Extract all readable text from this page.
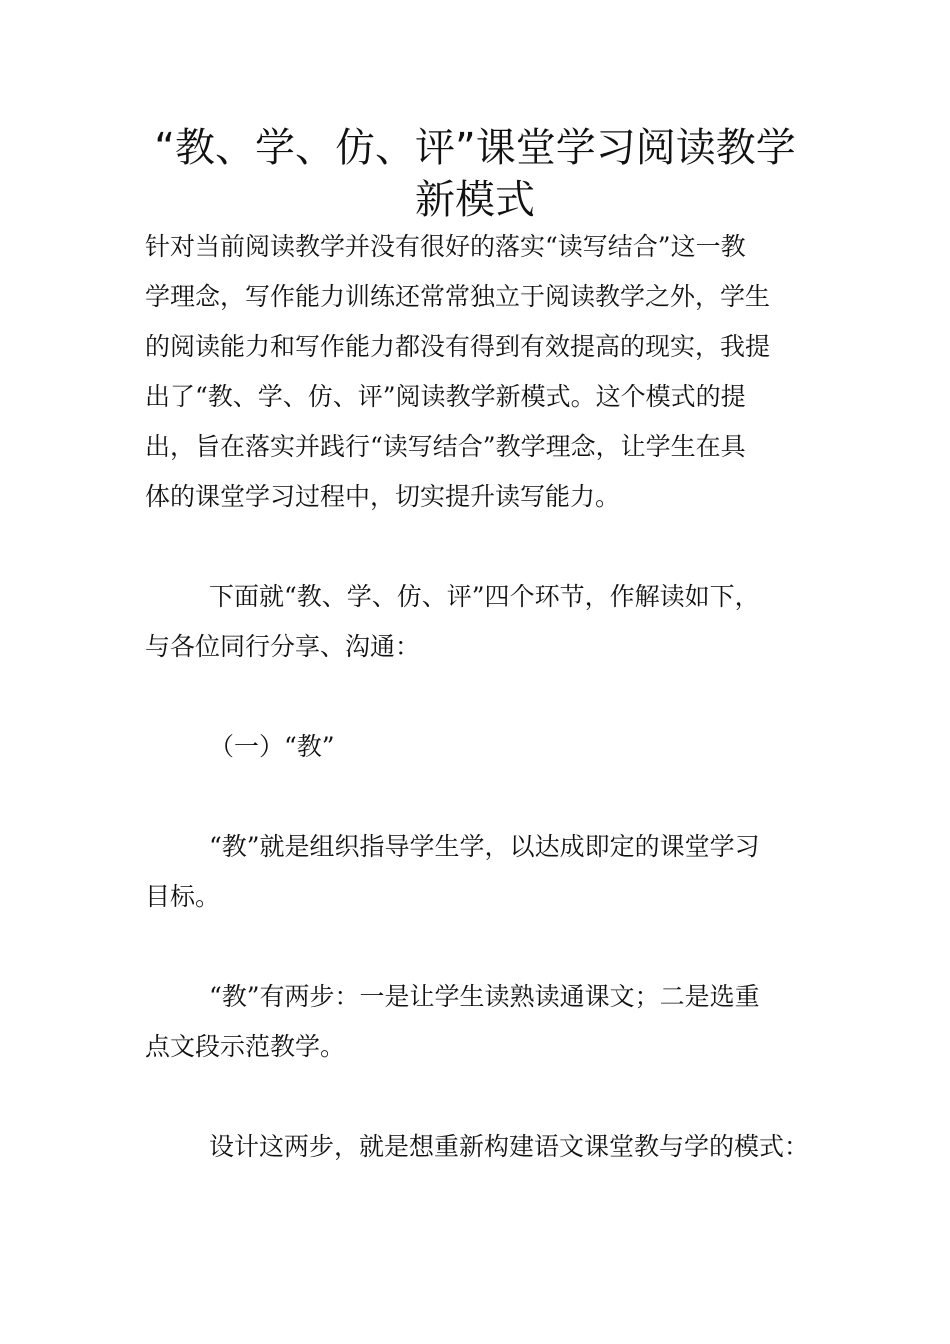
“教、学、仿、评”课堂学习阅读教学
新模式
针对当前阅读教学并没有很好的落实“读写结合”这一教
学理念，写作能力训练还常常独立于阅读教学之外，学生
的阅读能力和写作能力都没有得到有效提高的现实，我提
出了“教、学、仿、评”阅读教学新模式。这个模式的提
出，旨在落实并践行“读写结合”教学理念，让学生在具
体的课堂学习过程中，切实提升读写能力。
下面就“教、学、仿、评”四个环节，作解读如下，
与各位同行分享、沟通：
（一）“教”
“教”就是组织指导学生学，以达成即定的课堂学习
目标。
“教”有两步：一是让学生读熟读通课文；二是选重
点文段示范教学。
设计这两步，就是想重新构建语文课堂教与学的模式：
